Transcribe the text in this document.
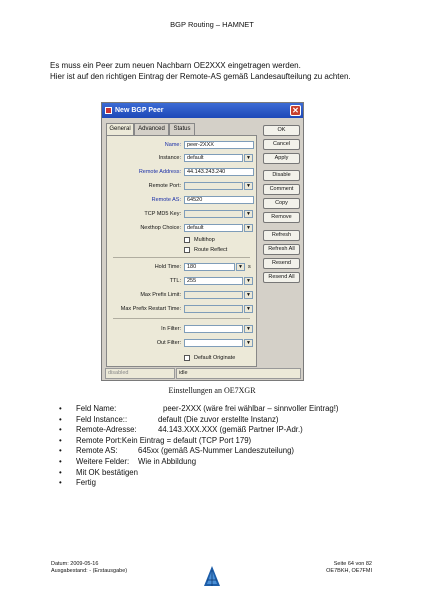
BGP Routing – HAMNET
Es muss ein Peer zum neuen Nachbarn OE2XXX eingetragen werden.
Hier ist auf den richtigen Eintrag der Remote-AS gemäß Landesaufteilung zu achten.
New BGP Peer	✕
General	Advanced	Status
Name:	peer-2XXX
Instance:	default	▼
Remote Address:	44.143.243.240
Remote Port:	▼
Remote AS:	64520
TCP MD5 Key:	▼
Nexthop Choice:	default	▼
Multihop
Route Reflect
Hold Time:	180	▼ s
TTL:	255	▼
Max Prefix Limit:	▼
Max Prefix Restart Time:	▼
In Filter:	▼
Out Filter:	▼
Default Originate
OK
Cancel
Apply
Disable
Comment
Copy
Remove
Refresh
Refresh All
Resend
Resend All
disabled	idle
Einstellungen an OE7XGR
• Feld Name:	peer-2XXX (wäre frei wählbar – sinnvoller Eintrag!)
• Feld Instance::	default (Die zuvor erstellte Instanz)
• Remote-Adresse:	44.143.XXX.XXX (gemäß Partner IP-Adr.)
• Remote Port:Kein Eintrag = default (TCP Port 179)
• Remote AS:	645xx (gemäß AS-Nummer Landeszuteilung)
• Weitere Felder: Wie in Abbildung
• Mit OK bestätigen
• Fertig
Datum: 2009-05-16
Ausgabestand: - (Erstausgabe)
Seite 64 von 82
OE7BKH, OE7FMI
